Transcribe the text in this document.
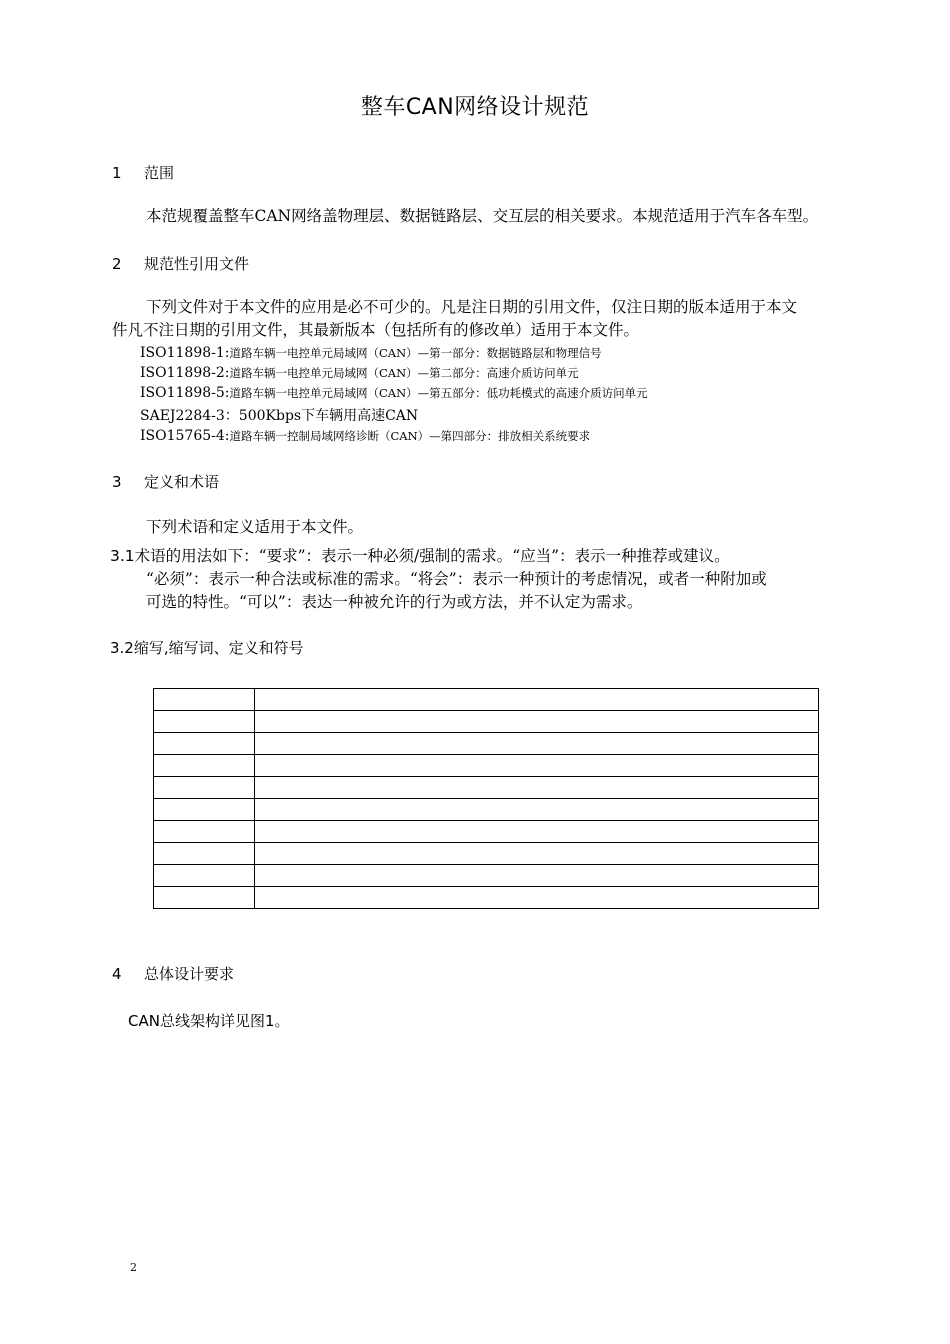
整车CAN网络设计规范
1 范围
本范规覆盖整车CAN网络盖物理层、数据链路层、交互层的相关要求。本规范适用于汽车各车型。
2 规范性引用文件
下列文件对于本文件的应用是必不可少的。凡是注日期的引用文件，仅注日期的版本适用于本文
件凡不注日期的引用文件，其最新版本（包括所有的修改单）适用于本文件。
ISO11898-1:道路车辆一电控单元局域网（CAN）—第一部分：数据链路层和物理信号
ISO11898-2:道路车辆一电控单元局域网（CAN）—第二部分：高速介质访问单元
ISO11898-5:道路车辆一电控单元局域网（CAN）—第五部分：低功耗模式的高速介质访问单元
SAEJ2284-3：500Kbps下车辆用高速CAN
ISO15765-4:道路车辆一控制局域网络诊断（CAN）—第四部分：排放相关系统要求
3 定义和术语
下列术语和定义适用于本文件。
3.1术语的用法如下：“要求”：表示一种必须/强制的需求。“应当”：表示一种推荐或建议。
“必须”：表示一种合法或标准的需求。“将会”：表示一种预计的考虑情况，或者一种附加或
可选的特性。“可以”：表达一种被允许的行为或方法，并不认定为需求。
3.2缩写,缩写词、定义和符号

4 总体设计要求
CAN总线架构详见图1。
2
